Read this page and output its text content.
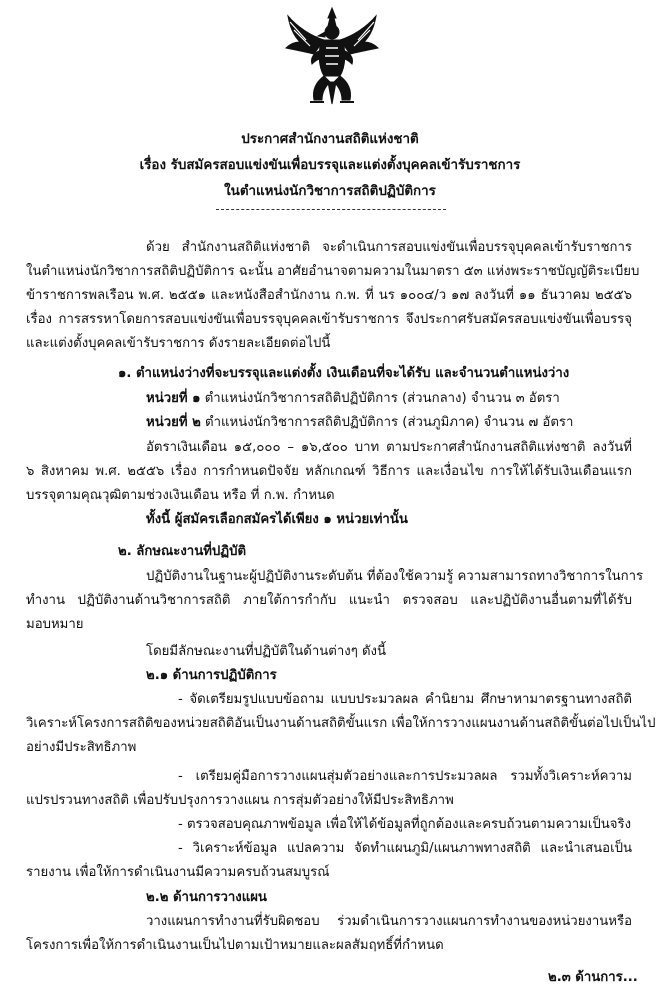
ประกาศสำนักงานสถิติแห่งชาติ
เรื่อง รับสมัครสอบแข่งขันเพื่อบรรจุและแต่งตั้งบุคคลเข้ารับราชการ
ในตำแหน่งนักวิชาการสถิติปฏิบัติการ
ด้วย สำนักงานสถิติแห่งชาติ จะดำเนินการสอบแข่งขันเพื่อบรรจุบุคคลเข้ารับราชการ
ในตำแหน่งนักวิชาการสถิติปฏิบัติการ ฉะนั้น อาศัยอำนาจตามความในมาตรา ๕๓ แห่งพระราชบัญญัติระเบียบ
ข้าราชการพลเรือน พ.ศ. ๒๕๕๑ และหนังสือสำนักงาน ก.พ. ที่ นร ๑๐๐๔/ว ๑๗ ลงวันที่ ๑๑ ธันวาคม ๒๕๕๖
เรื่อง การสรรหาโดยการสอบแข่งขันเพื่อบรรจุบุคคลเข้ารับราชการ จึงประกาศรับสมัครสอบแข่งขันเพื่อบรรจุ
และแต่งตั้งบุคคลเข้ารับราชการ ดังรายละเอียดต่อไปนี้
๑. ตำแหน่งว่างที่จะบรรจุและแต่งตั้ง เงินเดือนที่จะได้รับ และจำนวนตำแหน่งว่าง
หน่วยที่ ๑ ตำแหน่งนักวิชาการสถิติปฏิบัติการ (ส่วนกลาง) จำนวน ๓ อัตรา
หน่วยที่ ๒ ตำแหน่งนักวิชาการสถิติปฏิบัติการ (ส่วนภูมิภาค) จำนวน ๗ อัตรา
อัตราเงินเดือน ๑๕,๐๐๐ – ๑๖,๕๐๐ บาท ตามประกาศสำนักงานสถิติแห่งชาติ ลงวันที่
๖ สิงหาคม พ.ศ. ๒๕๕๖ เรื่อง การกำหนดปัจจัย หลักเกณฑ์ วิธีการ และเงื่อนไข การให้ได้รับเงินเดือนแรก
บรรจุตามคุณวุฒิตามช่วงเงินเดือน หรือ ที่ ก.พ. กำหนด
ทั้งนี้ ผู้สมัครเลือกสมัครได้เพียง ๑ หน่วยเท่านั้น
๒. ลักษณะงานที่ปฏิบัติ
ปฏิบัติงานในฐานะผู้ปฏิบัติงานระดับต้น ที่ต้องใช้ความรู้ ความสามารถทางวิชาการในการ
ทำงาน ปฏิบัติงานด้านวิชาการสถิติ ภายใต้การกำกับ แนะนำ ตรวจสอบ และปฏิบัติงานอื่นตามที่ได้รับ
มอบหมาย
โดยมีลักษณะงานที่ปฏิบัติในด้านต่างๆ ดังนี้
๒.๑ ด้านการปฏิบัติการ
- จัดเตรียมรูปแบบข้อถาม แบบประมวลผล คำนิยาม ศึกษาหามาตรฐานทางสถิติ
วิเคราะห์โครงการสถิติของหน่วยสถิติอันเป็นงานด้านสถิติขั้นแรก เพื่อให้การวางแผนงานด้านสถิติขั้นต่อไปเป็นไป
อย่างมีประสิทธิภาพ
- เตรียมคู่มือการวางแผนสุ่มตัวอย่างและการประมวลผล รวมทั้งวิเคราะห์ความ
แปรปรวนทางสถิติ เพื่อปรับปรุงการวางแผน การสุ่มตัวอย่างให้มีประสิทธิภาพ
- ตรวจสอบคุณภาพข้อมูล เพื่อให้ได้ข้อมูลที่ถูกต้องและครบถ้วนตามความเป็นจริง
- วิเคราะห์ข้อมูล แปลความ จัดทำแผนภูมิ/แผนภาพทางสถิติ และนำเสนอเป็น
รายงาน เพื่อให้การดำเนินงานมีความครบถ้วนสมบูรณ์
๒.๒ ด้านการวางแผน
วางแผนการทำงานที่รับผิดชอบ ร่วมดำเนินการวางแผนการทำงานของหน่วยงานหรือ
โครงการเพื่อให้การดำเนินงานเป็นไปตามเป้าหมายและผลสัมฤทธิ์ที่กำหนด
๒.๓ ด้านการ...
